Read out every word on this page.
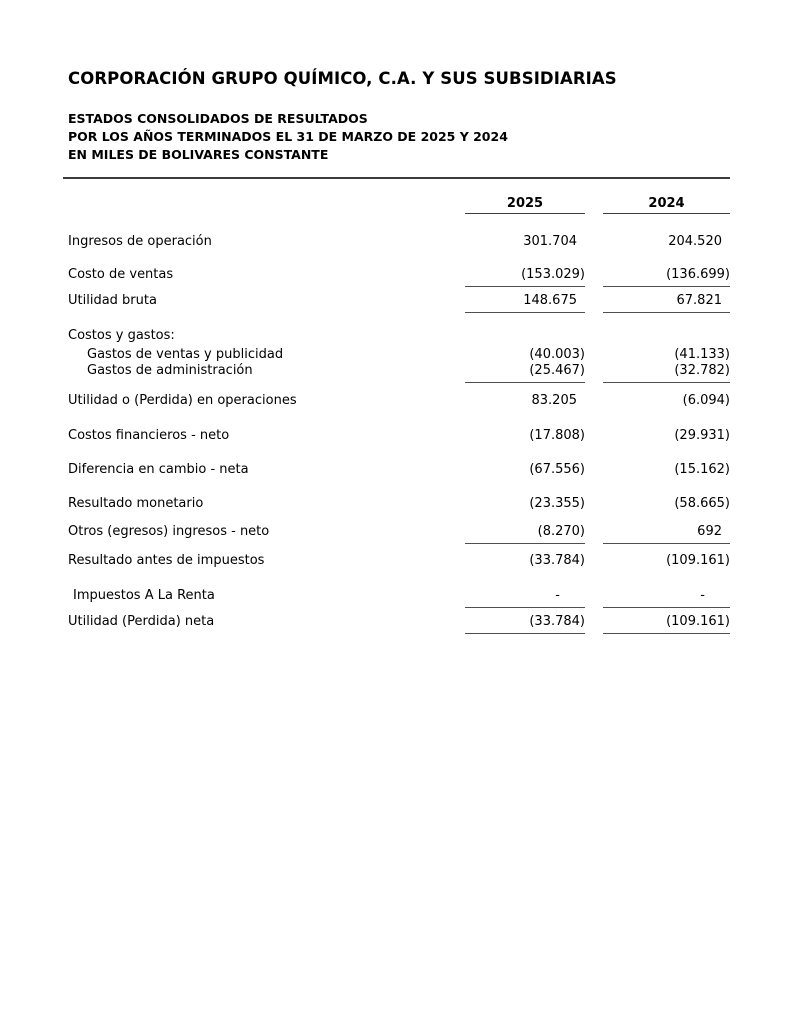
CORPORACIÓN GRUPO QUÍMICO, C.A. Y SUS SUBSIDIARIAS
ESTADOS CONSOLIDADOS DE RESULTADOS
POR LOS AÑOS TERMINADOS EL 31 DE MARZO DE 2025 Y 2024
EN MILES DE BOLIVARES CONSTANTE
2025	2024
Ingresos de operación	301.704	204.520
Costo de ventas	(153.029)	(136.699)
Utilidad bruta	148.675	67.821
Costos y gastos:
Gastos de ventas y publicidad	(40.003)	(41.133)
Gastos de administración	(25.467)	(32.782)
Utilidad o (Perdida) en operaciones	83.205	(6.094)
Costos financieros - neto	(17.808)	(29.931)
Diferencia en cambio - neta	(67.556)	(15.162)
Resultado monetario	(23.355)	(58.665)
Otros (egresos) ingresos - neto	(8.270)	692
Resultado antes de impuestos	(33.784)	(109.161)
Impuestos A La Renta	-	-
Utilidad (Perdida) neta	(33.784)	(109.161)
